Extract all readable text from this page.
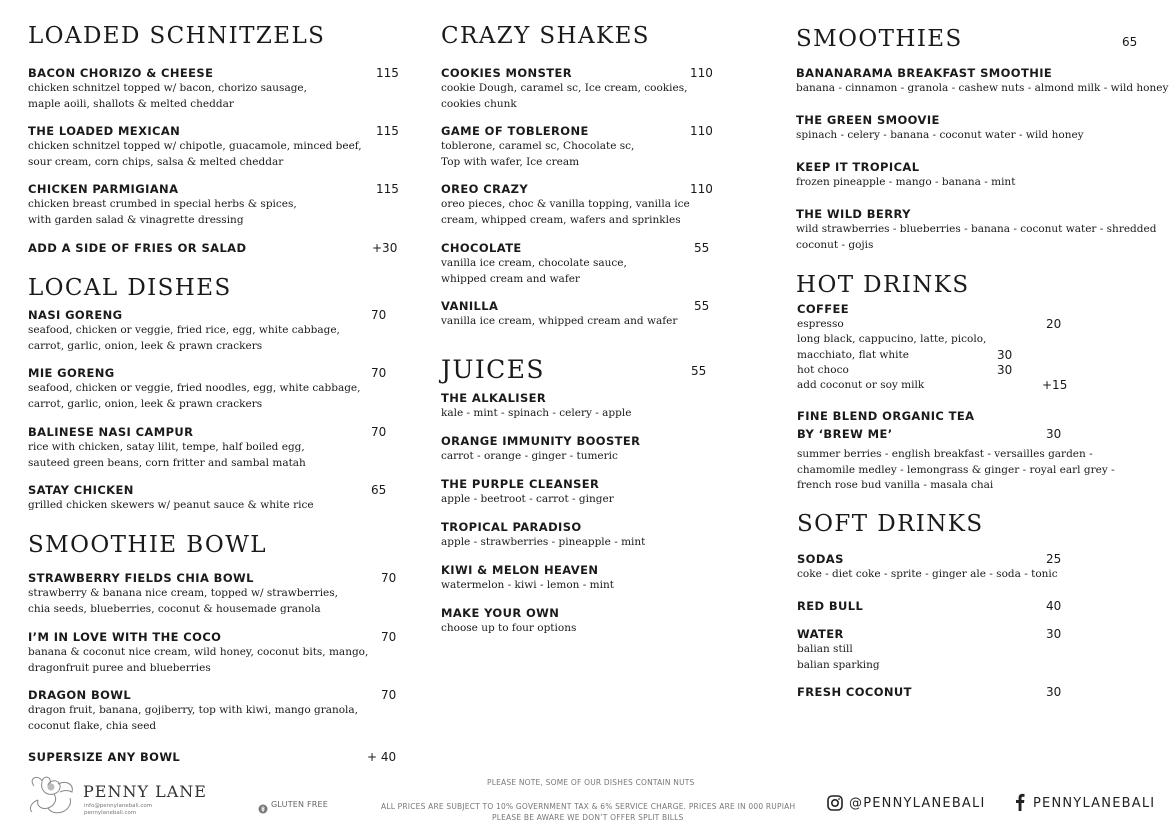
LOADED SCHNITZELS
BACON CHORIZO & CHEESE
chicken schnitzel topped w/ bacon, chorizo sausage,
maple aoili, shallots & melted cheddar
115
THE LOADED MEXICAN
chicken schnitzel topped w/ chipotle, guacamole, minced beef,
sour cream, corn chips, salsa & melted cheddar
115
CHICKEN PARMIGIANA
chicken breast crumbed in special herbs & spices,
with garden salad & vinagrette dressing
115
ADD A SIDE OF FRIES OR SALAD	+30
LOCAL DISHES
NASI GORENG
seafood, chicken or veggie, fried rice, egg, white cabbage,
carrot, garlic, onion, leek & prawn crackers
70
MIE GORENG
seafood, chicken or veggie, fried noodles, egg, white cabbage,
carrot, garlic, onion, leek & prawn crackers
70
BALINESE NASI CAMPUR
rice with chicken, satay lilit, tempe, half boiled egg,
sauteed green beans, corn fritter and sambal matah
70
SATAY CHICKEN
grilled chicken skewers w/ peanut sauce & white rice
65
SMOOTHIE BOWL
STRAWBERRY FIELDS CHIA BOWL
strawberry & banana nice cream, topped w/ strawberries,
chia seeds, blueberries, coconut & housemade granola
70
I’M IN LOVE WITH THE COCO
banana & coconut nice cream, wild honey, coconut bits, mango,
dragonfruit puree and blueberries
70
DRAGON BOWL
dragon fruit, banana, gojiberry, top with kiwi, mango granola,
coconut flake, chia seed
70
SUPERSIZE ANY BOWL	+ 40
CRAZY SHAKES
COOKIES MONSTER
cookie Dough, caramel sc, Ice cream, cookies,
cookies chunk
110
GAME OF TOBLERONE
toblerone, caramel sc, Chocolate sc,
Top with wafer, Ice cream
110
OREO CRAZY
oreo pieces, choc & vanilla topping, vanilla ice
cream, whipped cream, wafers and sprinkles
110
CHOCOLATE
vanilla ice cream, chocolate sauce,
whipped cream and wafer
55
VANILLA
vanilla ice cream, whipped cream and wafer
55
JUICES	55
THE ALKALISER
kale - mint - spinach - celery - apple
ORANGE IMMUNITY BOOSTER
carrot - orange - ginger - tumeric
THE PURPLE CLEANSER
apple - beetroot - carrot - ginger
TROPICAL PARADISO
apple - strawberries - pineapple - mint
KIWI & MELON HEAVEN
watermelon - kiwi - lemon - mint
MAKE YOUR OWN
choose up to four options
SMOOTHIES	65
BANANARAMA BREAKFAST SMOOTHIE
banana - cinnamon - granola - cashew nuts - almond milk - wild honey
THE GREEN SMOOVIE
spinach - celery - banana - coconut water - wild honey
KEEP IT TROPICAL
frozen pineapple - mango - banana - mint
THE WILD BERRY
wild strawberries - blueberries - banana - coconut water - shredded
coconut - gojis
HOT DRINKS
COFFEE
espresso	20
long black, cappucino, latte, picolo,
macchiato, flat white	30
hot choco	30
add coconut or soy milk	+15
FINE BLEND ORGANIC TEA
BY ‘BREW ME’
summer berries - english breakfast - versailles garden -
chamomile medley - lemongrass & ginger - royal earl grey -
french rose bud vanilla - masala chai
30
SOFT DRINKS
SODAS
coke - diet coke - sprite - ginger ale - soda - tonic
25
RED BULL	40
WATER
balian still
balian sparking
30
FRESH COCONUT	30
PENNY LANE
info@pennylanebali.com
pennylanebali.com
GLUTEN FREE
PLEASE NOTE, SOME OF OUR DISHES CONTAIN NUTS
ALL PRICES ARE SUBJECT TO 10% GOVERNMENT TAX & 6% SERVICE CHARGE. PRICES ARE IN 000 RUPIAH
PLEASE BE AWARE WE DON’T OFFER SPLIT BILLS
@PENNYLANEBALI	PENNYLANEBALI
